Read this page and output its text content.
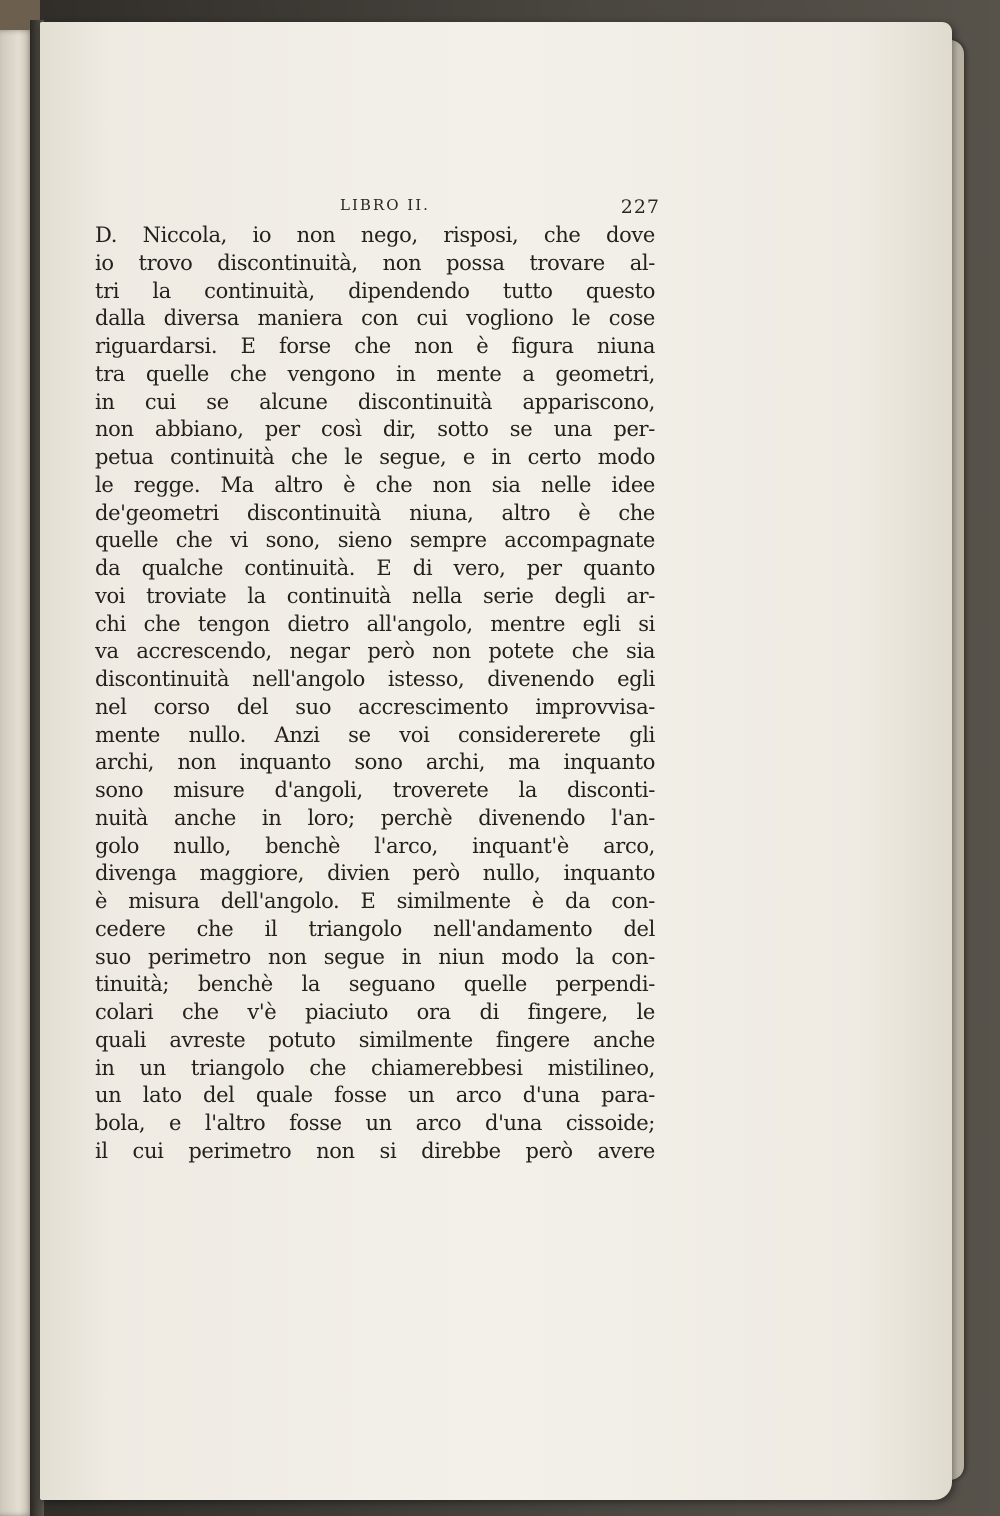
LIBRO II.	227
D. Niccola, io non nego, risposi, che dove
io trovo discontinuità, non possa trovare al-
tri la continuità, dipendendo tutto questo
dalla diversa maniera con cui vogliono le cose
riguardarsi. E forse che non è figura niuna
tra quelle che vengono in mente a geometri,
in cui se alcune discontinuità appariscono,
non abbiano, per così dir, sotto se una per-
petua continuità che le segue, e in certo modo
le regge. Ma altro è che non sia nelle idee
de'geometri discontinuità niuna, altro è che
quelle che vi sono, sieno sempre accompagnate
da qualche continuità. E di vero, per quanto
voi troviate la continuità nella serie degli ar-
chi che tengon dietro all'angolo, mentre egli si
va accrescendo, negar però non potete che sia
discontinuità nell'angolo istesso, divenendo egli
nel corso del suo accrescimento improvvisa-
mente nullo. Anzi se voi considererete gli
archi, non inquanto sono archi, ma inquanto
sono misure d'angoli, troverete la disconti-
nuità anche in loro; perchè divenendo l'an-
golo nullo, benchè l'arco, inquant'è arco,
divenga maggiore, divien però nullo, inquanto
è misura dell'angolo. E similmente è da con-
cedere che il triangolo nell'andamento del
suo perimetro non segue in niun modo la con-
tinuità; benchè la seguano quelle perpendi-
colari che v'è piaciuto ora di fingere, le
quali avreste potuto similmente fingere anche
in un triangolo che chiamerebbesi mistilineo,
un lato del quale fosse un arco d'una para-
bola, e l'altro fosse un arco d'una cissoide;
il cui perimetro non si direbbe però avere
